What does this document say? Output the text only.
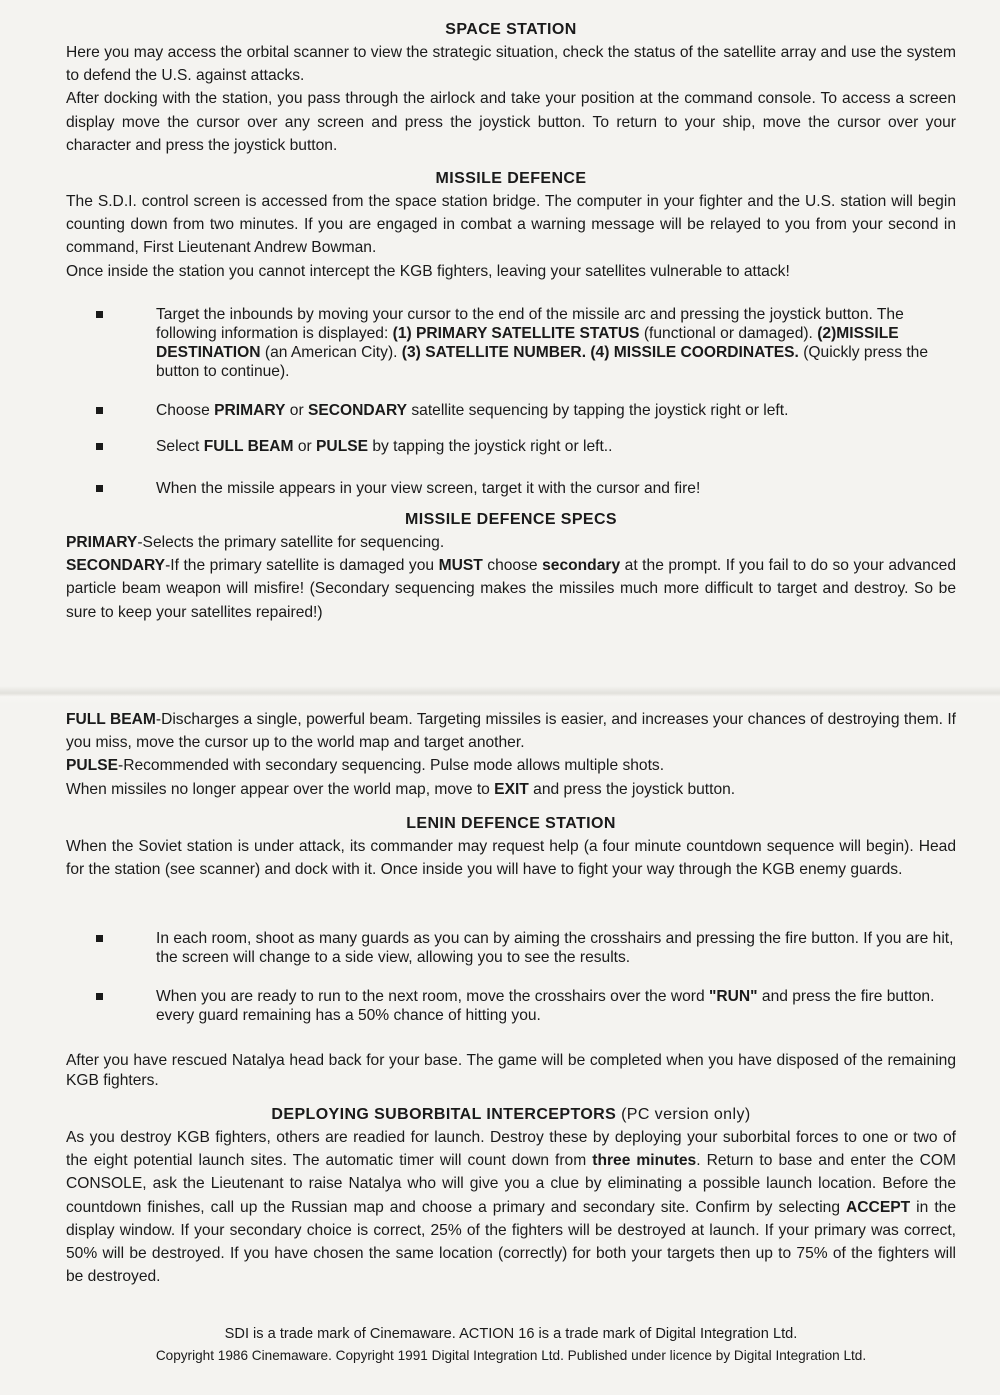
SPACE STATION

Here you may access the orbital scanner to view the strategic situation, check the status of the satellite array and use the system to defend the U.S. against attacks.

After docking with the station, you pass through the airlock and take your position at the command console. To access a screen display move the cursor over any screen and press the joystick button. To return to your ship, move the cursor over your character and press the joystick button.

MISSILE DEFENCE

The S.D.I. control screen is accessed from the space station bridge. The computer in your fighter and the U.S. station will begin counting down from two minutes. If you are engaged in combat a warning message will be relayed to you from your second in command, First Lieutenant Andrew Bowman.

Once inside the station you cannot intercept the KGB fighters, leaving your satellites vulnerable to attack!

Target the inbounds by moving your cursor to the end of the missile arc and pressing the joystick button. The following information is displayed: (1) PRIMARY SATELLITE STATUS (functional or damaged). (2)MISSILE DESTINATION (an American City). (3) SATELLITE NUMBER. (4) MISSILE COORDINATES. (Quickly press the button to continue).
Choose PRIMARY or SECONDARY satellite sequencing by tapping the joystick right or left.
Select FULL BEAM or PULSE by tapping the joystick right or left..
When the missile appears in your view screen, target it with the cursor and fire!
MISSILE DEFENCE SPECS

PRIMARY-Selects the primary satellite for sequencing.

SECONDARY-If the primary satellite is damaged you MUST choose secondary at the prompt. If you fail to do so your advanced particle beam weapon will misfire! (Secondary sequencing makes the missiles much more difficult to target and destroy. So be sure to keep your satellites repaired!)

FULL BEAM-Discharges a single, powerful beam. Targeting missiles is easier, and increases your chances of destroying them. If you miss, move the cursor up to the world map and target another.

PULSE-Recommended with secondary sequencing. Pulse mode allows multiple shots.

When missiles no longer appear over the world map, move to EXIT and press the joystick button.

LENIN DEFENCE STATION

When the Soviet station is under attack, its commander may request help (a four minute countdown sequence will begin). Head for the station (see scanner) and dock with it. Once inside you will have to fight your way through the KGB enemy guards.

In each room, shoot as many guards as you can by aiming the crosshairs and pressing the fire button. If you are hit, the screen will change to a side view, allowing you to see the results.
When you are ready to run to the next room, move the crosshairs over the word "RUN" and press the fire button. every guard remaining has a 50% chance of hitting you.

After you have rescued Natalya head back for your base. The game will be completed when you have disposed of the remaining KGB fighters.

DEPLOYING SUBORBITAL INTERCEPTORS (PC version only)

As you destroy KGB fighters, others are readied for launch. Destroy these by deploying your suborbital forces to one or two of the eight potential launch sites. The automatic timer will count down from three minutes. Return to base and enter the COM CONSOLE, ask the Lieutenant to raise Natalya who will give you a clue by eliminating a possible launch location. Before the countdown finishes, call up the Russian map and choose a primary and secondary site. Confirm by selecting ACCEPT in the display window. If your secondary choice is correct, 25% of the fighters will be destroyed at launch. If your primary was correct, 50% will be destroyed. If you have chosen the same location (correctly) for both your targets then up to 75% of the fighters will be destroyed.

SDI is a trade mark of Cinemaware. ACTION 16 is a trade mark of Digital Integration Ltd.
Copyright 1986 Cinemaware. Copyright 1991 Digital Integration Ltd. Published under licence by Digital Integration Ltd.
